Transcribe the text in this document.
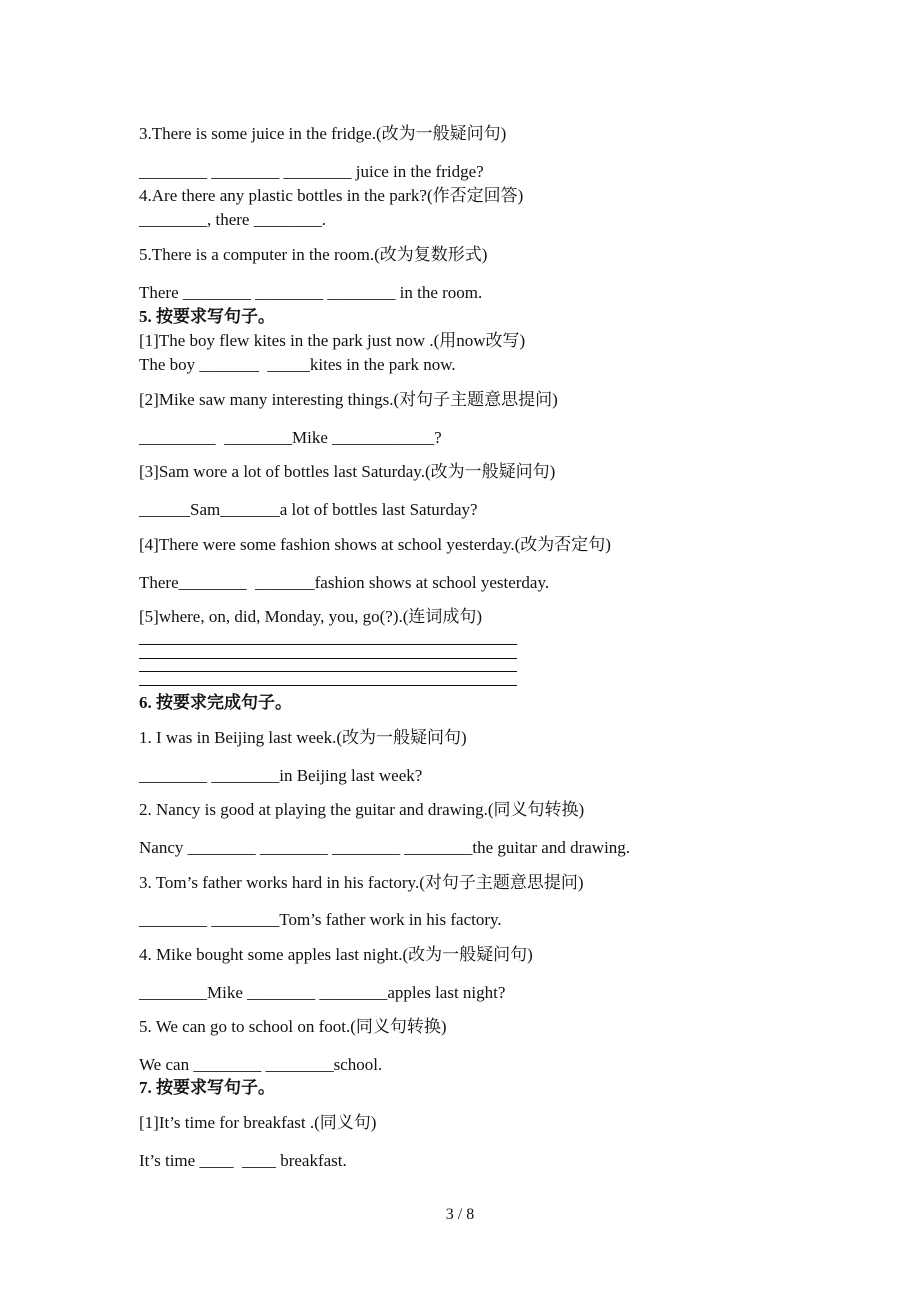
3.There is some juice in the fridge.(改为一般疑问句)
________ ________ ________ juice in the fridge?
4.Are there any plastic bottles in the park?(作否定回答)
________, there ________.
5.There is a computer in the room.(改为复数形式)
There ________ ________ ________ in the room.
5. 按要求写句子。
[1]The boy flew kites in the park just now .(用now改写)
The boy _______  _____kites in the park now.
[2]Mike saw many interesting things.(对句子主题意思提问)
_________  ________Mike ____________?
[3]Sam wore a lot of bottles last Saturday.(改为一般疑问句)
______Sam_______a lot of bottles last Saturday?
[4]There were some fashion shows at school yesterday.(改为否定句)
There________  _______fashion shows at school yesterday.
[5]where, on, did, Monday, you, go(?).(连词成句)
6. 按要求完成句子。
1. I was in Beijing last week.(改为一般疑问句)
________ ________in Beijing last week?
2. Nancy is good at playing the guitar and drawing.(同义句转换)
Nancy ________ ________ ________ ________the guitar and drawing.
3. Tom’s father works hard in his factory.(对句子主题意思提问)
________ ________Tom’s father work in his factory.
4. Mike bought some apples last night.(改为一般疑问句)
________Mike ________ ________apples last night?
5. We can go to school on foot.(同义句转换)
We can ________ ________school.
7. 按要求写句子。
[1]It’s time for breakfast .(同义句)
It’s time ____  ____ breakfast.
3 / 8
